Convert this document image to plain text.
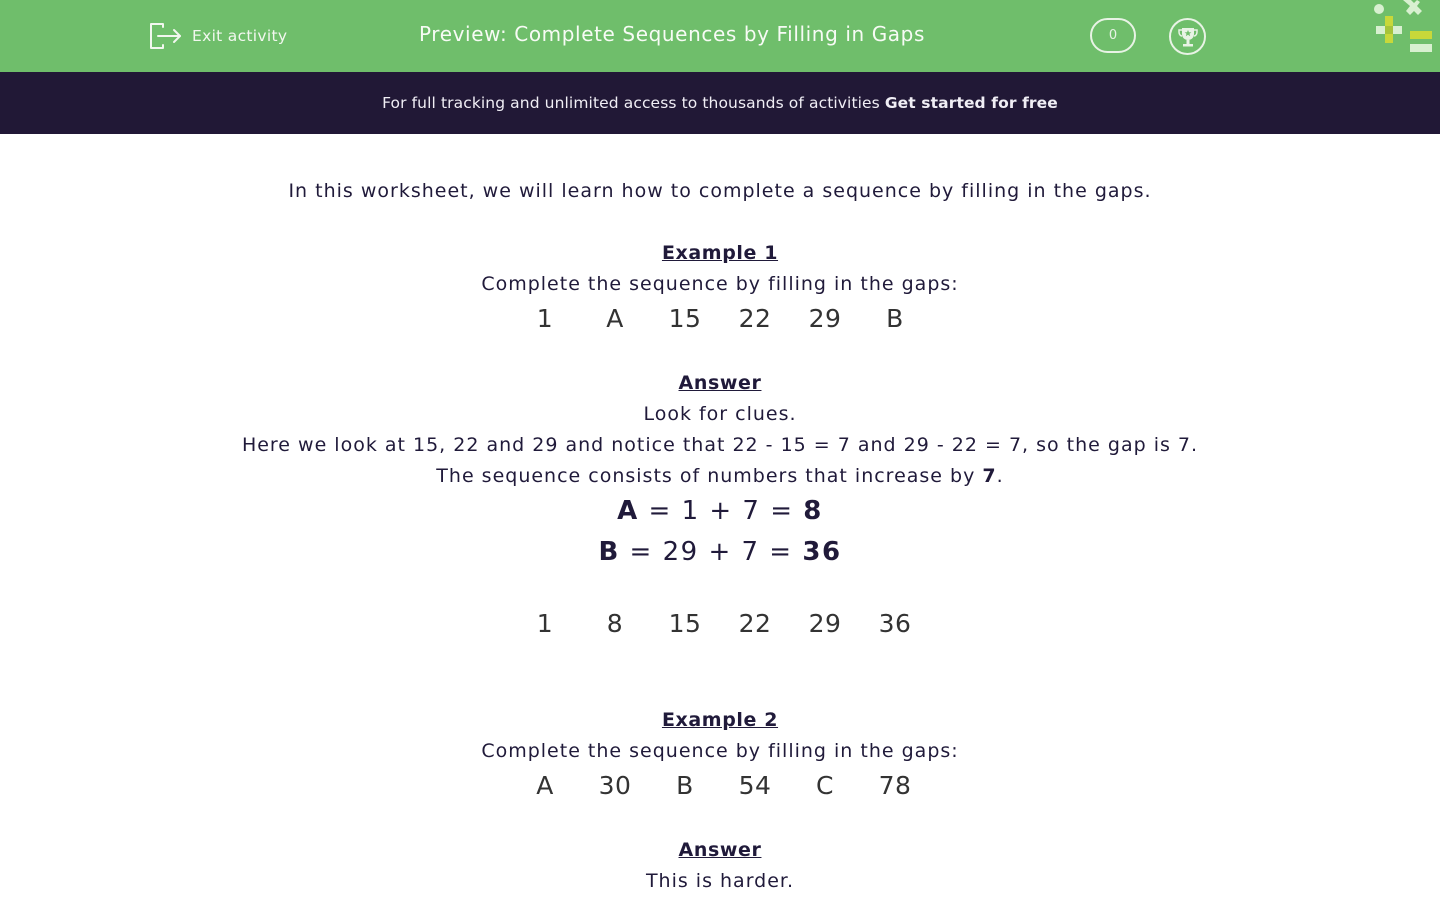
Exit activity	Preview: Complete Sequences by Filling in Gaps	0
For full tracking and unlimited access to thousands of activities Get started for free
In this worksheet, we will learn how to complete a sequence by filling in the gaps.
Example 1
Complete the sequence by filling in the gaps:
1	A	15	22	29	B
Answer
Look for clues.
Here we look at 15, 22 and 29 and notice that 22 - 15 = 7 and 29 - 22 = 7, so the gap is 7.
The sequence consists of numbers that increase by 7.
A = 1 + 7 = 8
B = 29 + 7 = 36
1	8	15	22	29	36
Example 2
Complete the sequence by filling in the gaps:
A	30	B	54	C	78
Answer
This is harder.
